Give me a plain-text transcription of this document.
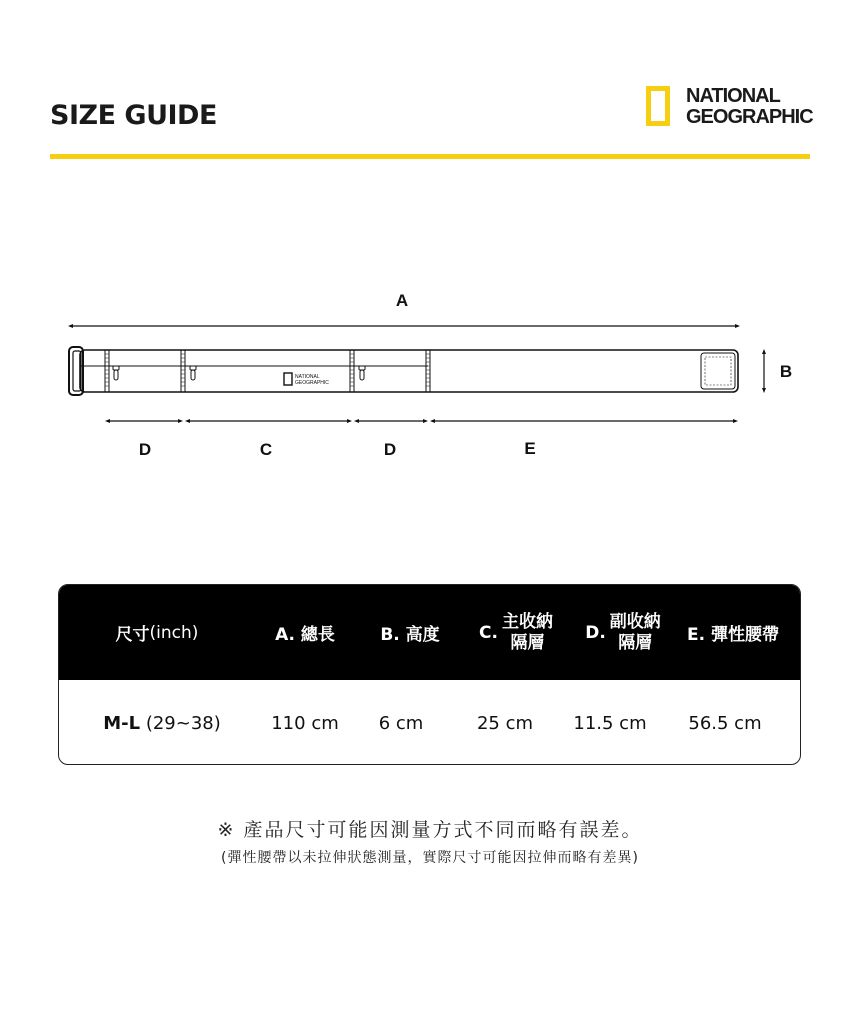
SIZE GUIDE
NATIONAL
GEOGRAPHIC
A
NATIONAL
GEOGRAPHIC
B
D	C	D	E
尺寸 (inch)	A. 總長	B. 高度	C.
主收納
隔層	D.
副收納
隔層	E. 彈性腰帶
M-L
(29~38)	110 cm	6 cm	25 cm	11.5 cm	56.5 cm
※ 產品尺寸可能因測量方式不同而略有誤差。
(彈性腰帶以未拉伸狀態測量，實際尺寸可能因拉伸而略有差異)
